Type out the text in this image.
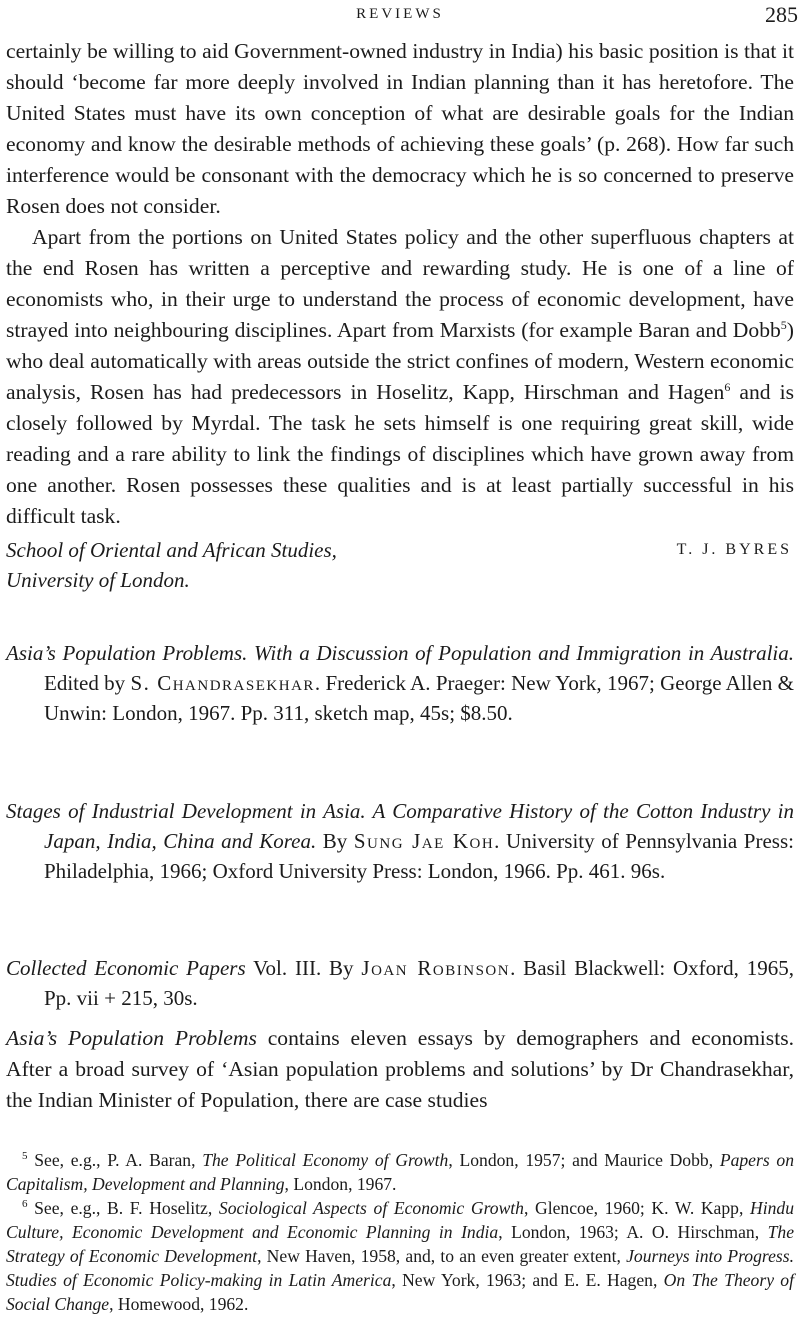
REVIEWS	285

certainly be willing to aid Government-owned industry in India) his basic position is that it should ‘become far more deeply involved in Indian planning than it has heretofore. The United States must have its own conception of what are desirable goals for the Indian economy and know the desirable methods of achieving these goals’ (p. 268). How far such interference would be consonant with the democracy which he is so concerned to preserve Rosen does not consider.

Apart from the portions on United States policy and the other superfluous chapters at the end Rosen has written a perceptive and rewarding study. He is one of a line of economists who, in their urge to understand the process of economic development, have strayed into neighbouring disciplines. Apart from Marxists (for example Baran and Dobb$^5$) who deal automatically with areas outside the strict confines of modern, Western economic analysis, Rosen has had predecessors in Hoselitz, Kapp, Hirschman and Hagen$^6$ and is closely followed by Myrdal. The task he sets himself is one requiring great skill, wide reading and a rare ability to link the findings of disciplines which have grown away from one another. Rosen possesses these qualities and is at least partially successful in his difficult task.

School of Oriental and African Studies,
University of London.
T. J. BYRES

Asia’s Population Problems. With a Discussion of Population and Immigration in Australia. Edited by S. Chandrasekhar. Frederick A. Praeger: New York, 1967; George Allen & Unwin: London, 1967. Pp. 311, sketch map, 45s; $8.50.

Stages of Industrial Development in Asia. A Comparative History of the Cotton Industry in Japan, India, China and Korea. By Sung Jae Koh. University of Pennsylvania Press: Philadelphia, 1966; Oxford University Press: London, 1966. Pp. 461. 96s.

Collected Economic Papers Vol. III. By Joan Robinson. Basil Blackwell: Oxford, 1965, Pp. vii + 215, 30s.

Asia’s Population Problems contains eleven essays by demographers and economists. After a broad survey of ‘Asian population problems and solutions’ by Dr Chandrasekhar, the Indian Minister of Population, there are case studies

$^5$ See, e.g., P. A. Baran, The Political Economy of Growth, London, 1957; and Maurice Dobb, Papers on Capitalism, Development and Planning, London, 1967.

$^6$ See, e.g., B. F. Hoselitz, Sociological Aspects of Economic Growth, Glencoe, 1960; K. W. Kapp, Hindu Culture, Economic Development and Economic Planning in India, London, 1963; A. O. Hirschman, The Strategy of Economic Development, New Haven, 1958, and, to an even greater extent, Journeys into Progress. Studies of Economic Policy-making in Latin America, New York, 1963; and E. E. Hagen, On The Theory of Social Change, Homewood, 1962.
